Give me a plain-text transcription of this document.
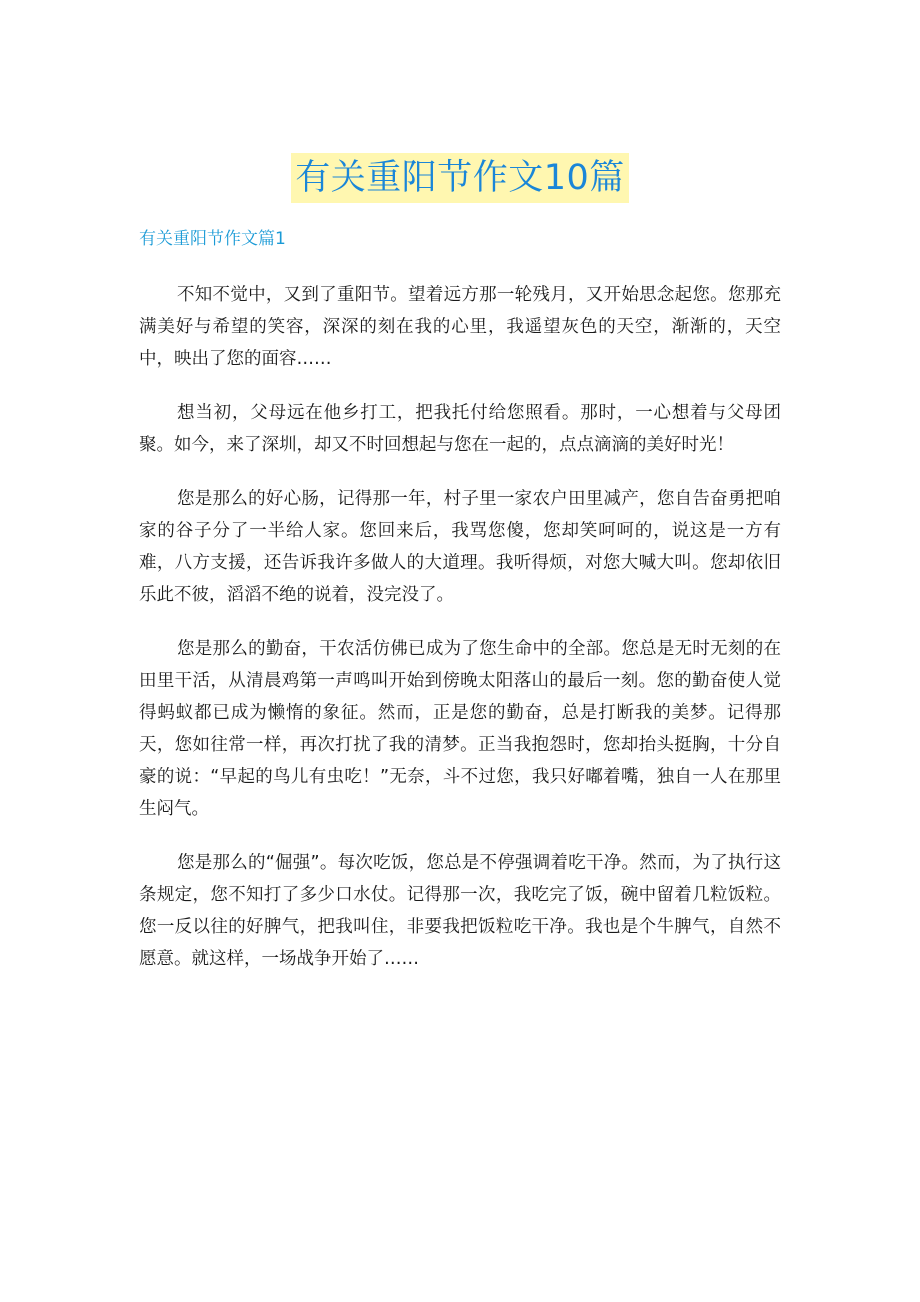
有关重阳节作文10篇
有关重阳节作文篇1

不知不觉中，又到了重阳节。望着远方那一轮残月，又开始思念起您。您那充满美好与希望的笑容，深深的刻在我的心里，我遥望灰色的天空，渐渐的，天空中，映出了您的面容……

想当初，父母远在他乡打工，把我托付给您照看。那时，一心想着与父母团聚。如今，来了深圳，却又不时回想起与您在一起的，点点滴滴的美好时光！

您是那么的好心肠，记得那一年，村子里一家农户田里减产，您自告奋勇把咱家的谷子分了一半给人家。您回来后，我骂您傻，您却笑呵呵的，说这是一方有难，八方支援，还告诉我许多做人的大道理。我听得烦，对您大喊大叫。您却依旧乐此不彼，滔滔不绝的说着，没完没了。

您是那么的勤奋，干农活仿佛已成为了您生命中的全部。您总是无时无刻的在田里干活，从清晨鸡第一声鸣叫开始到傍晚太阳落山的最后一刻。您的勤奋使人觉得蚂蚁都已成为懒惰的象征。然而，正是您的勤奋，总是打断我的美梦。记得那天，您如往常一样，再次打扰了我的清梦。正当我抱怨时，您却抬头挺胸，十分自豪的说：“早起的鸟儿有虫吃！”无奈，斗不过您，我只好嘟着嘴，独自一人在那里生闷气。

您是那么的“倔强”。每次吃饭，您总是不停强调着吃干净。然而，为了执行这条规定，您不知打了多少口水仗。记得那一次，我吃完了饭，碗中留着几粒饭粒。您一反以往的好脾气，把我叫住，非要我把饭粒吃干净。我也是个牛脾气，自然不愿意。就这样，一场战争开始了……
